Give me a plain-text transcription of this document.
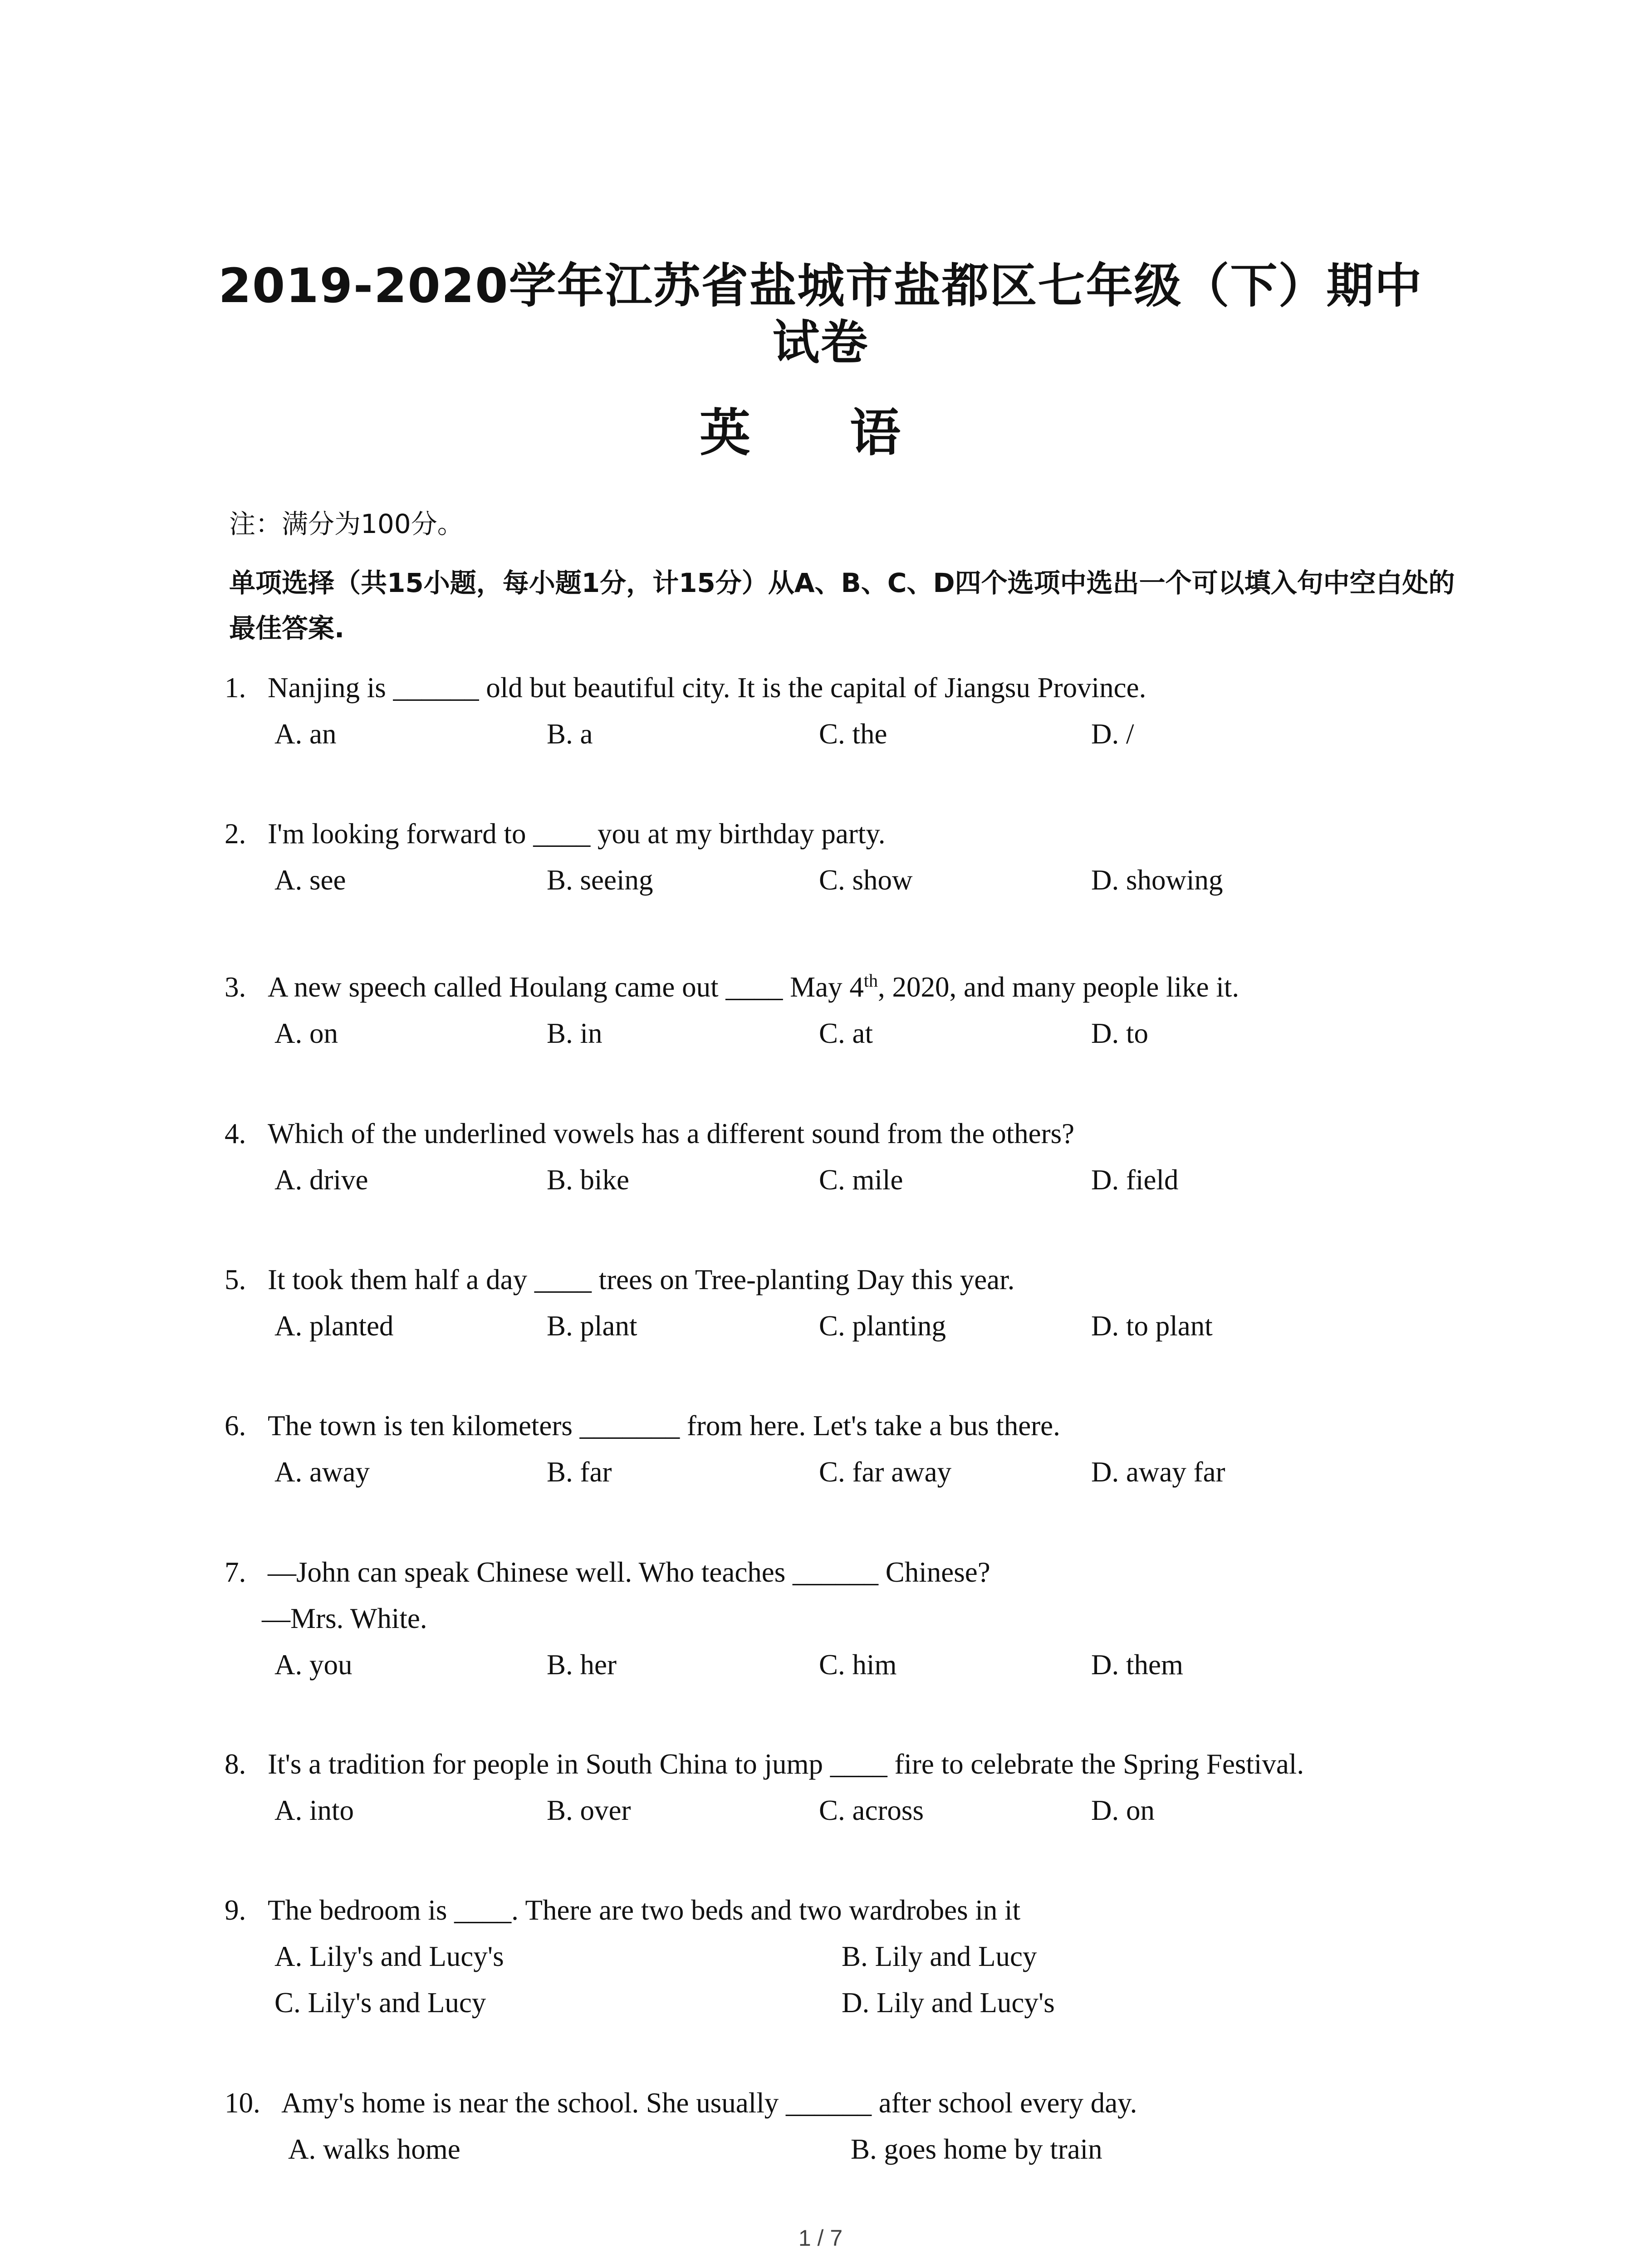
2019-2020学年江苏省盐城市盐都区七年级（下）期中
试卷
英 语
注：满分为100分。
单项选择（共15小题，每小题1分，计15分）从A、B、C、D四个选项中选出一个可以填入句中空白处的最佳答案.
1. Nanjing is ______ old but beautiful city. It is the capital of Jiangsu Province.
A. an	B. a	C. the	D. /
2. I'm looking forward to ____ you at my birthday party.
A. see	B. seeing	C. show	D. showing
3. A new speech called Houlang came out ____ May 4th, 2020, and many people like it.
A. on	B. in	C. at	D. to
4. Which of the underlined vowels has a different sound from the others?
A. drive	B. bike	C. mile	D. field
5. It took them half a day ____ trees on Tree-planting Day this year.
A. planted	B. plant	C. planting	D. to plant
6. The town is ten kilometers _______ from here. Let's take a bus there.
A. away	B. far	C. far away	D. away far
7. —John can speak Chinese well. Who teaches ______ Chinese?
—Mrs. White.
A. you	B. her	C. him	D. them
8. It's a tradition for people in South China to jump ____ fire to celebrate the Spring Festival.
A. into	B. over	C. across	D. on
9. The bedroom is ____. There are two beds and two wardrobes in it
A. Lily's and Lucy's	B. Lily and Lucy
C. Lily's and Lucy	D. Lily and Lucy's
10. Amy's home is near the school. She usually ______ after school every day.
A. walks home	B. goes home by train
1 / 7
